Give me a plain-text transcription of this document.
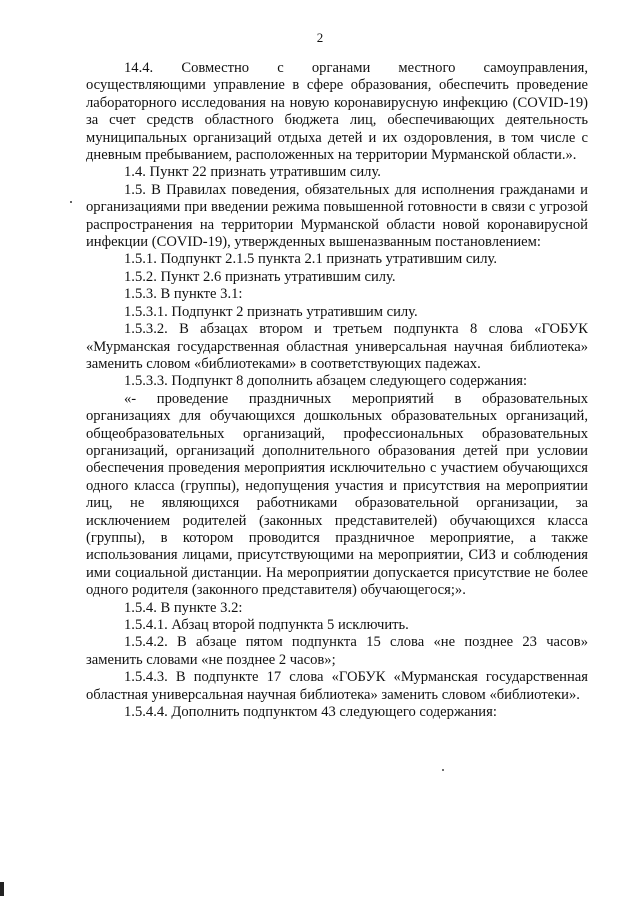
2

14.4. Совместно с органами местного самоуправления, осуществляющими управление в сфере образования, обеспечить проведение лабораторного исследования на новую коронавирусную инфекцию (COVID-19) за счет средств областного бюджета лиц, обеспечивающих деятельность муниципальных организаций отдыха детей и их оздоровления, в том числе с дневным пребыванием, расположенных на территории Мурманской области.».

1.4. Пункт 22 признать утратившим силу.

1.5. В Правилах поведения, обязательных для исполнения гражданами и организациями при введении режима повышенной готовности в связи с угрозой распространения на территории Мурманской области новой коронавирусной инфекции (COVID-19), утвержденных вышеназванным постановлением:

1.5.1. Подпункт 2.1.5 пункта 2.1 признать утратившим силу.

1.5.2. Пункт 2.6 признать утратившим силу.

1.5.3. В пункте 3.1:

1.5.3.1. Подпункт 2 признать утратившим силу.

1.5.3.2. В абзацах втором и третьем подпункта 8 слова «ГОБУК «Мурманская государственная областная универсальная научная библиотека» заменить словом «библиотеками» в соответствующих падежах.

1.5.3.3. Подпункт 8 дополнить абзацем следующего содержания:

«- проведение праздничных мероприятий в образовательных организациях для обучающихся дошкольных образовательных организаций, общеобразовательных организаций, профессиональных образовательных организаций, организаций дополнительного образования детей при условии обеспечения проведения мероприятия исключительно с участием обучающихся одного класса (группы), недопущения участия и присутствия на мероприятии лиц, не являющихся работниками образовательной организации, за исключением родителей (законных представителей) обучающихся класса (группы), в котором проводится праздничное мероприятие, а также использования лицами, присутствующими на мероприятии, СИЗ и соблюдения ими социальной дистанции. На мероприятии допускается присутствие не более одного родителя (законного представителя) обучающегося;».

1.5.4. В пункте 3.2:

1.5.4.1. Абзац второй подпункта 5 исключить.

1.5.4.2. В абзаце пятом подпункта 15 слова «не позднее 23 часов» заменить словами «не позднее 2 часов»;

1.5.4.3. В подпункте 17 слова «ГОБУК «Мурманская государственная областная универсальная научная библиотека» заменить словом «библиотеки».

1.5.4.4. Дополнить подпунктом 43 следующего содержания:
